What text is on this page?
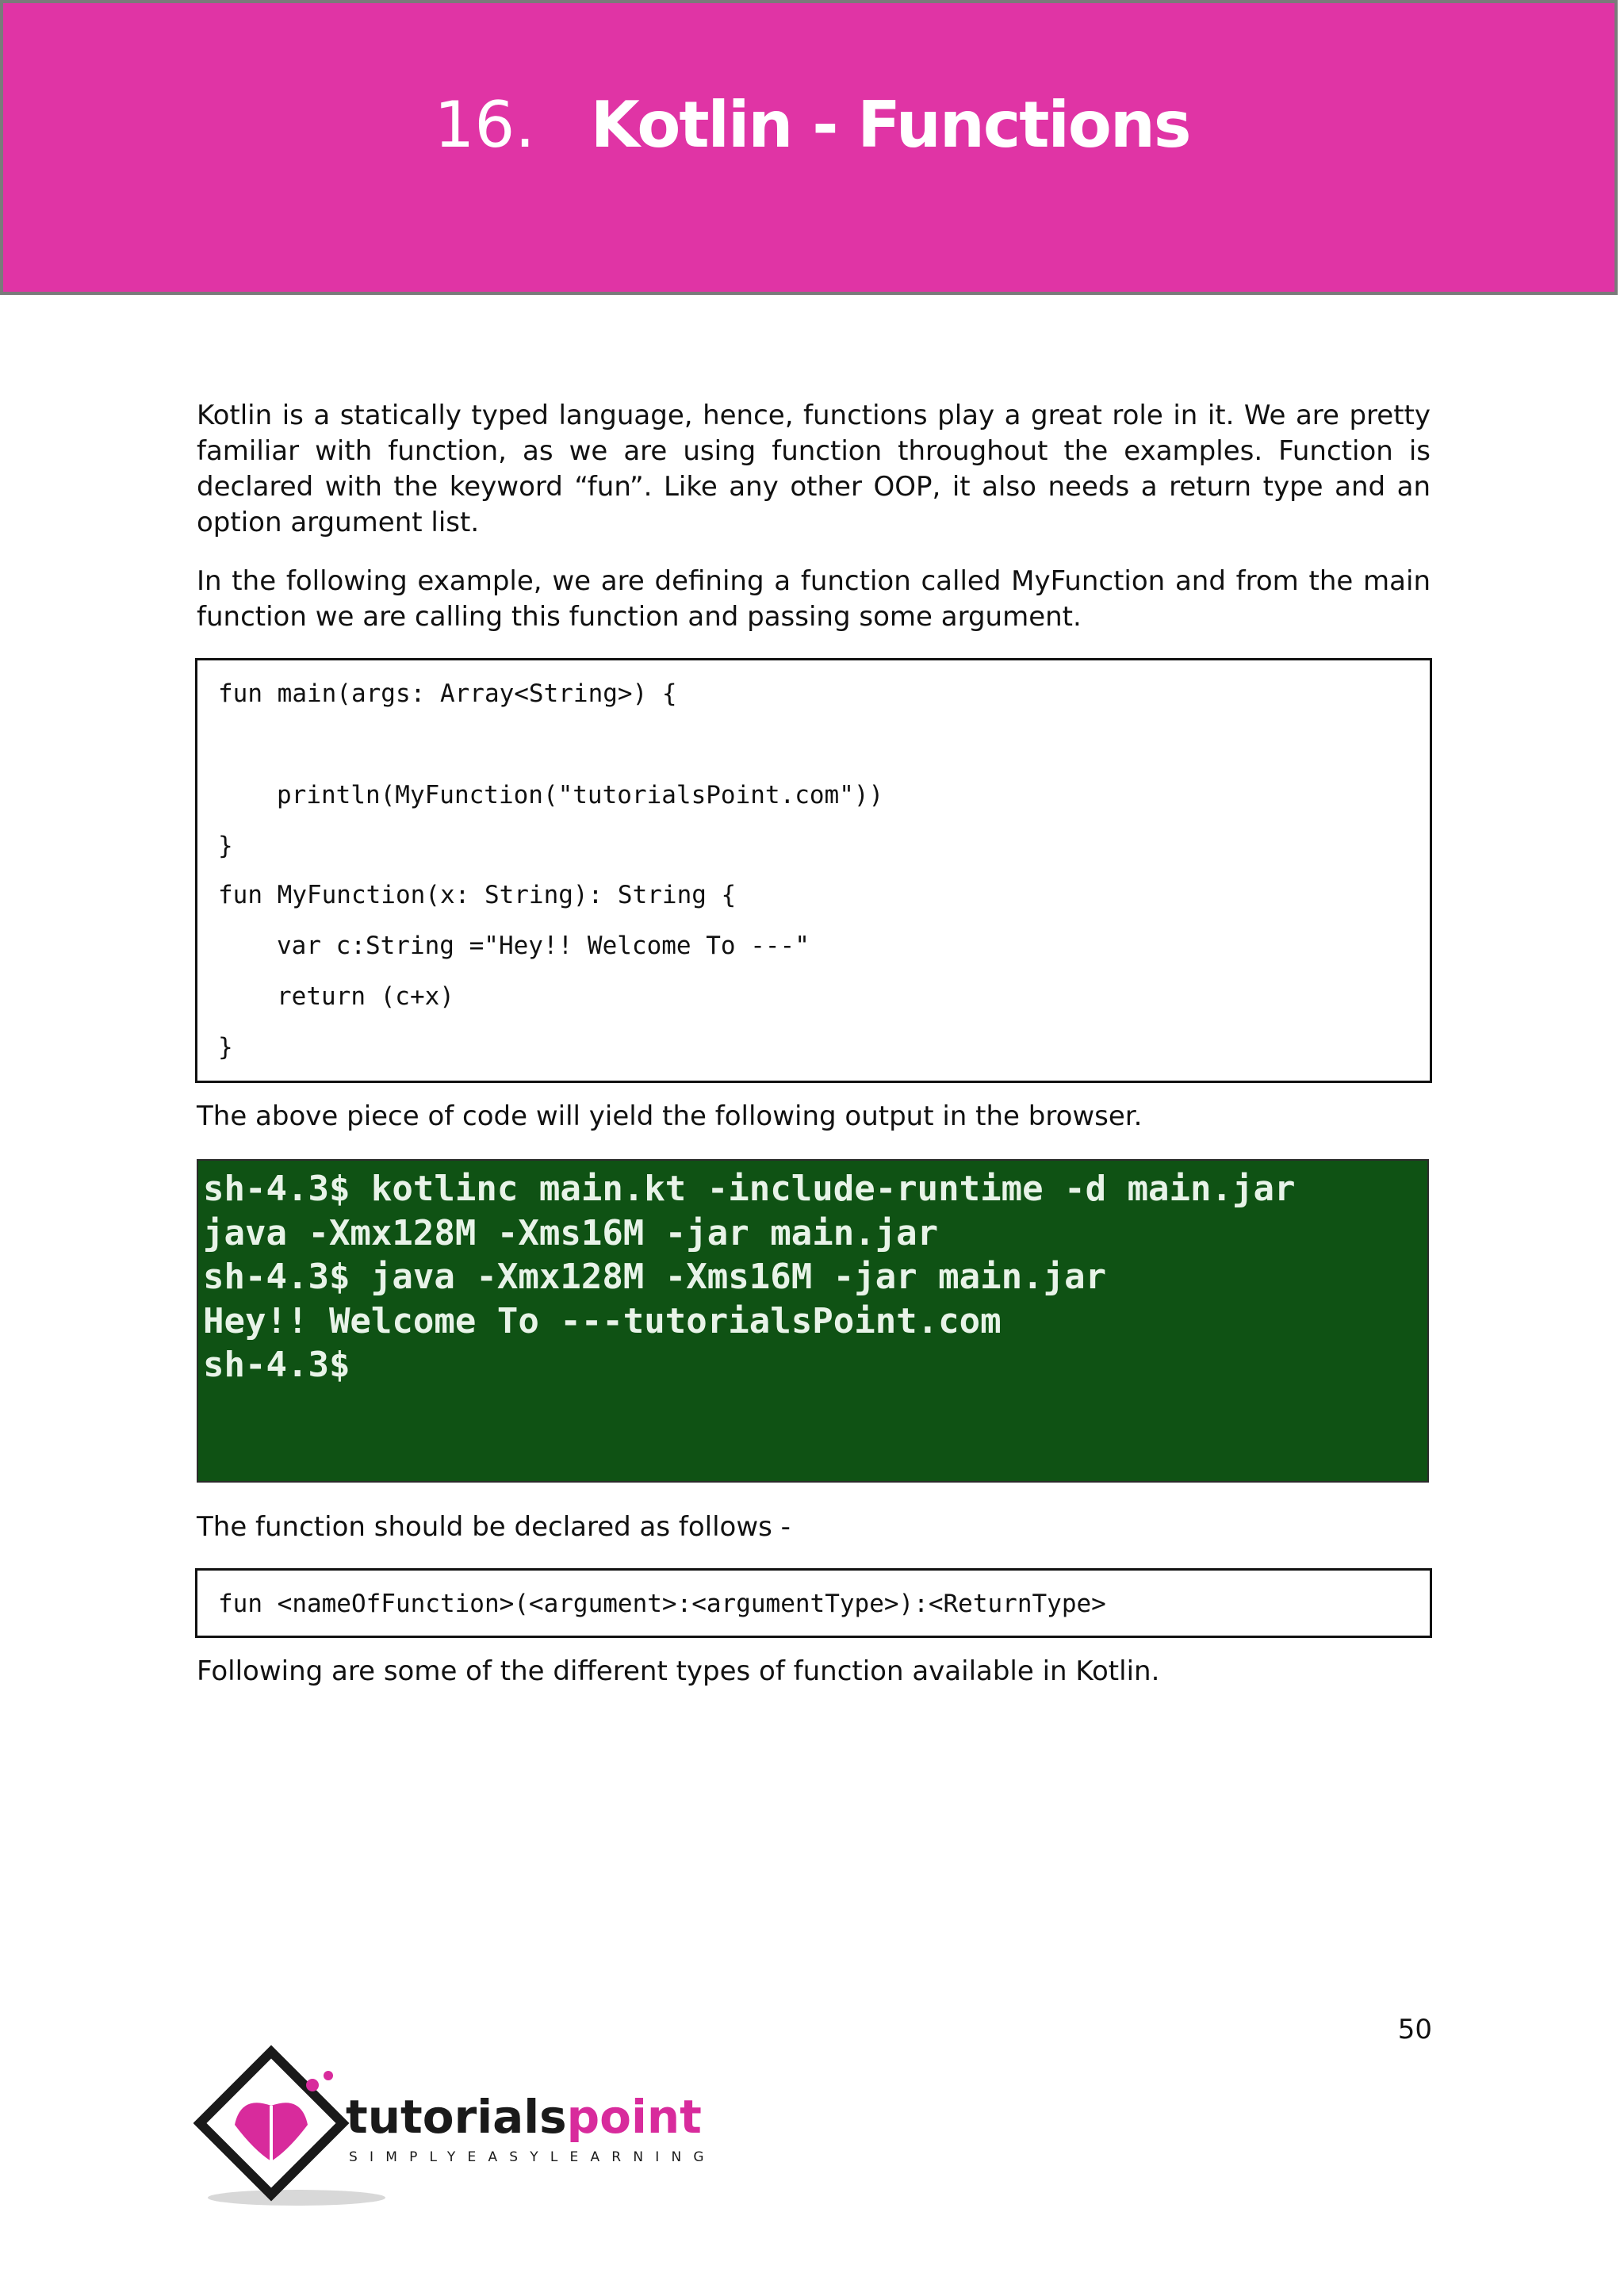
16. Kotlin - Functions

Kotlin is a statically typed language, hence, functions play a great role in it. We are pretty familiar with function, as we are using function throughout the examples. Function is declared with the keyword “fun”. Like any other OOP, it also needs a return type and an option argument list.

In the following example, we are defining a function called MyFunction and from the main function we are calling this function and passing some argument.

fun main(args: Array<String>) {
println(MyFunction("tutorialsPoint.com"))
}
fun MyFunction(x: String): String {
var c:String ="Hey!! Welcome To ---"
return (c+x)
}

The above piece of code will yield the following output in the browser.

sh-4.3$ kotlinc main.kt -include-runtime -d main.jar
java -Xmx128M -Xms16M -jar main.jar
sh-4.3$ java -Xmx128M -Xms16M -jar main.jar
Hey!! Welcome To ---tutorialsPoint.com
sh-4.3$

The function should be declared as follows -

fun <nameOfFunction>(<argument>:<argumentType>):<ReturnType>

Following are some of the different types of function available in Kotlin.

50
tutorialspoint
SIMPLYEASYLEARNING
